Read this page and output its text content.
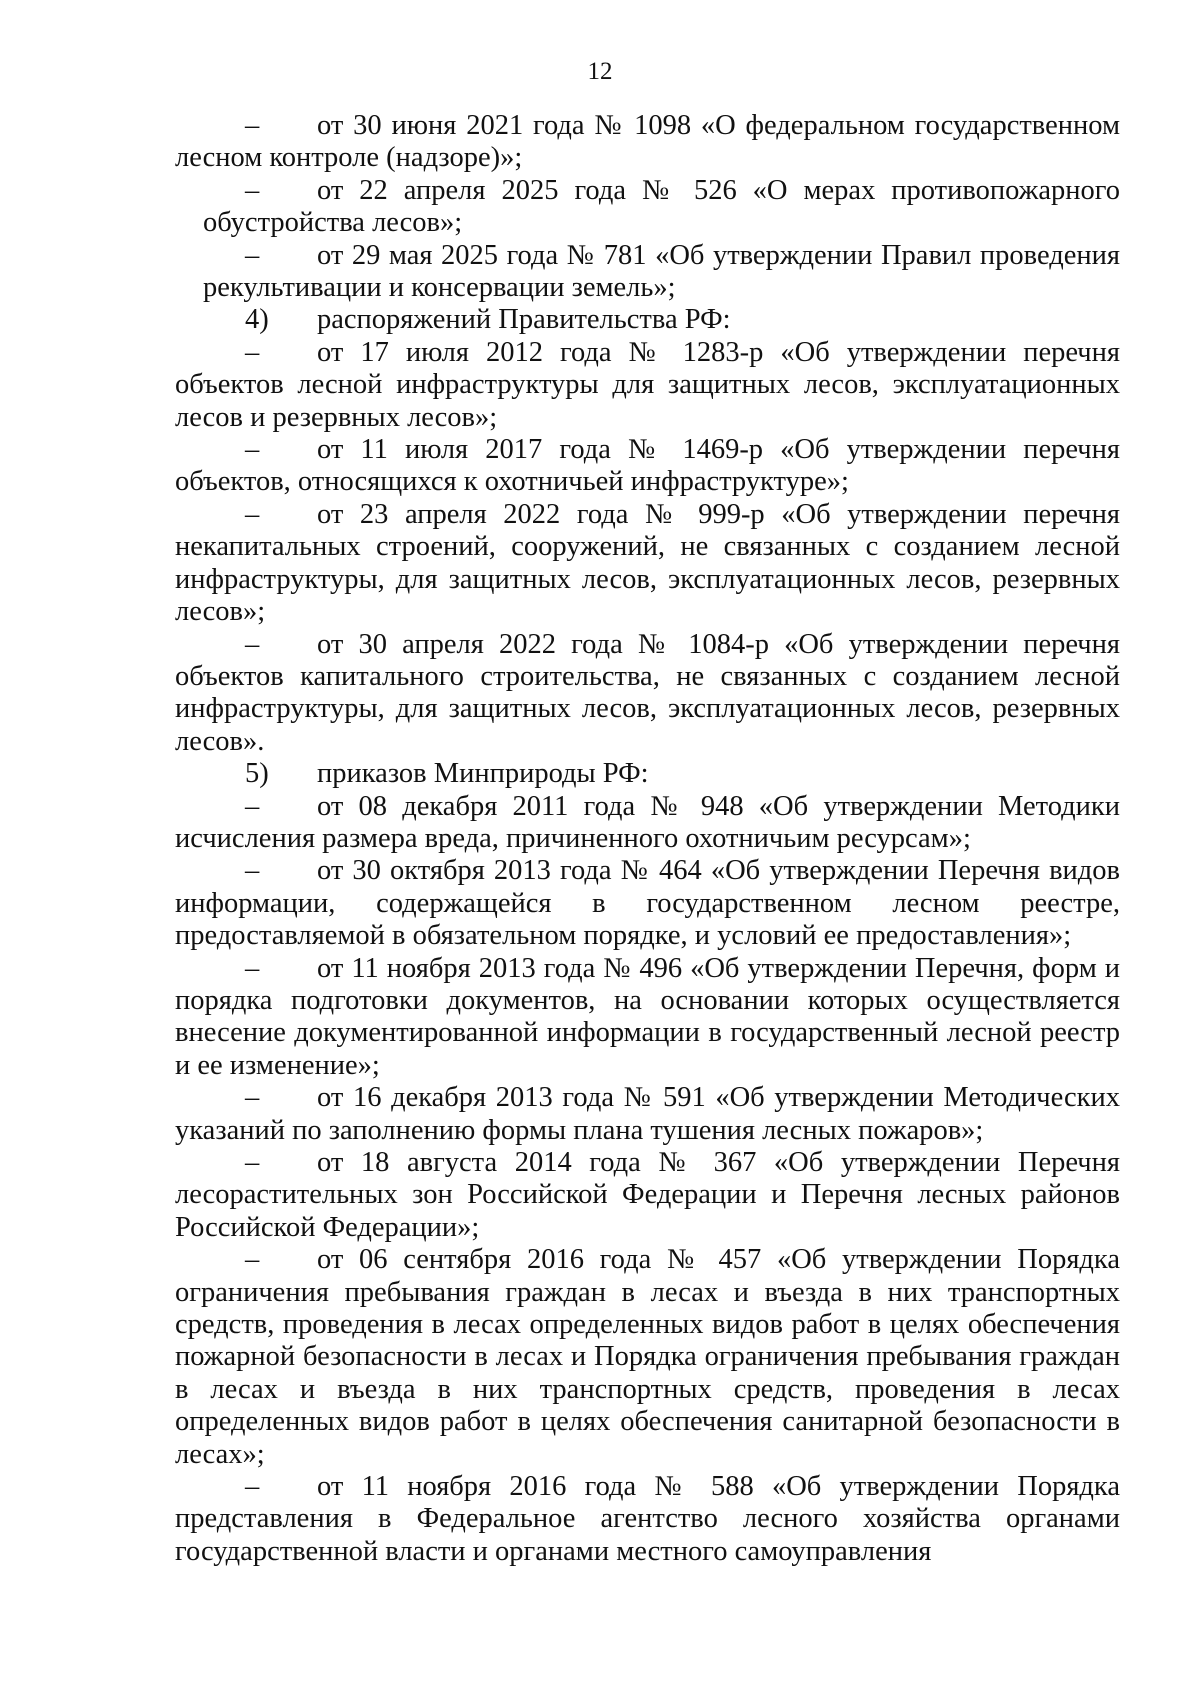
12

– от 30 июня 2021 года № 1098 «О федеральном государственном лесном контроле (надзоре)»;

– от 22 апреля 2025 года № 526 «О мерах противопожарного обустройства лесов»;

– от 29 мая 2025 года № 781 «Об утверждении Правил проведения рекультивации и консервации земель»;

4) распоряжений Правительства РФ:

– от 17 июля 2012 года № 1283-р «Об утверждении перечня объектов лесной инфраструктуры для защитных лесов, эксплуатационных лесов и резервных лесов»;

– от 11 июля 2017 года № 1469-р «Об утверждении перечня объектов, относящихся к охотничьей инфраструктуре»;

– от 23 апреля 2022 года № 999-р «Об утверждении перечня некапитальных строений, сооружений, не связанных с созданием лесной инфраструктуры, для защитных лесов, эксплуатационных лесов, резервных лесов»;

– от 30 апреля 2022 года № 1084-р «Об утверждении перечня объектов капитального строительства, не связанных с созданием лесной инфраструктуры, для защитных лесов, эксплуатационных лесов, резервных лесов».

5) приказов Минприроды РФ:

– от 08 декабря 2011 года № 948 «Об утверждении Методики исчисления размера вреда, причиненного охотничьим ресурсам»;

– от 30 октября 2013 года № 464 «Об утверждении Перечня видов информации, содержащейся в государственном лесном реестре, предоставляемой в обязательном порядке, и условий ее предоставления»;

– от 11 ноября 2013 года № 496 «Об утверждении Перечня, форм и порядка подготовки документов, на основании которых осуществляется внесение документированной информации в государственный лесной реестр и ее изменение»;

– от 16 декабря 2013 года № 591 «Об утверждении Методических указаний по заполнению формы плана тушения лесных пожаров»;

– от 18 августа 2014 года № 367 «Об утверждении Перечня лесорастительных зон Российской Федерации и Перечня лесных районов Российской Федерации»;

– от 06 сентября 2016 года № 457 «Об утверждении Порядка ограничения пребывания граждан в лесах и въезда в них транспортных средств, проведения в лесах определенных видов работ в целях обеспечения пожарной безопасности в лесах и Порядка ограничения пребывания граждан в лесах и въезда в них транспортных средств, проведения в лесах определенных видов работ в целях обеспечения санитарной безопасности в лесах»;

– от 11 ноября 2016 года № 588 «Об утверждении Порядка представления в Федеральное агентство лесного хозяйства органами государственной власти и органами местного самоуправления
